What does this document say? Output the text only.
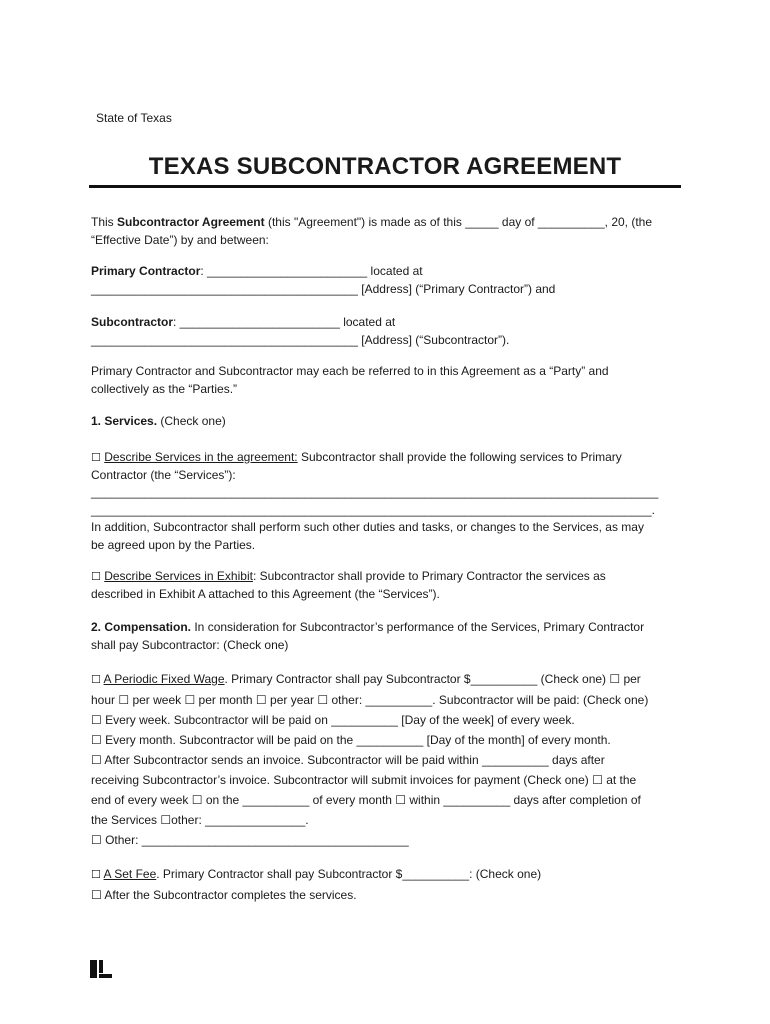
State of Texas
TEXAS SUBCONTRACTOR AGREEMENT

This Subcontractor Agreement (this "Agreement") is made as of this _____ day of __________, 20, (the

“Effective Date”) by and between:

Primary Contractor: ________________________ located at

________________________________________ [Address] (“Primary Contractor”) and

Subcontractor: ________________________ located at

________________________________________ [Address] (“Subcontractor”).

Primary Contractor and Subcontractor may each be referred to in this Agreement as a “Party” and

collectively as the “Parties.”

1. Services. (Check one)

☐ Describe Services in the agreement: Subcontractor shall provide the following services to Primary

Contractor (the “Services”):

_____________________________________________________________________________________

____________________________________________________________________________________.

In addition, Subcontractor shall perform such other duties and tasks, or changes to the Services, as may

be agreed upon by the Parties.

☐ Describe Services in Exhibit: Subcontractor shall provide to Primary Contractor the services as

described in Exhibit A attached to this Agreement (the “Services”).

2. Compensation. In consideration for Subcontractor’s performance of the Services, Primary Contractor

shall pay Subcontractor: (Check one)

☐ A Periodic Fixed Wage. Primary Contractor shall pay Subcontractor $__________ (Check one) ☐ per

hour ☐ per week ☐ per month ☐ per year ☐ other: __________. Subcontractor will be paid: (Check one)

☐ Every week. Subcontractor will be paid on __________ [Day of the week] of every week.

☐ Every month. Subcontractor will be paid on the __________ [Day of the month] of every month.

☐ After Subcontractor sends an invoice. Subcontractor will be paid within __________ days after

receiving Subcontractor’s invoice. Subcontractor will submit invoices for payment (Check one) ☐ at the

end of every week ☐ on the __________ of every month ☐ within __________ days after completion of

the Services ☐other: _______________.

☐ Other: ________________________________________

☐ A Set Fee. Primary Contractor shall pay Subcontractor $__________: (Check one)

☐ After the Subcontractor completes the services.
